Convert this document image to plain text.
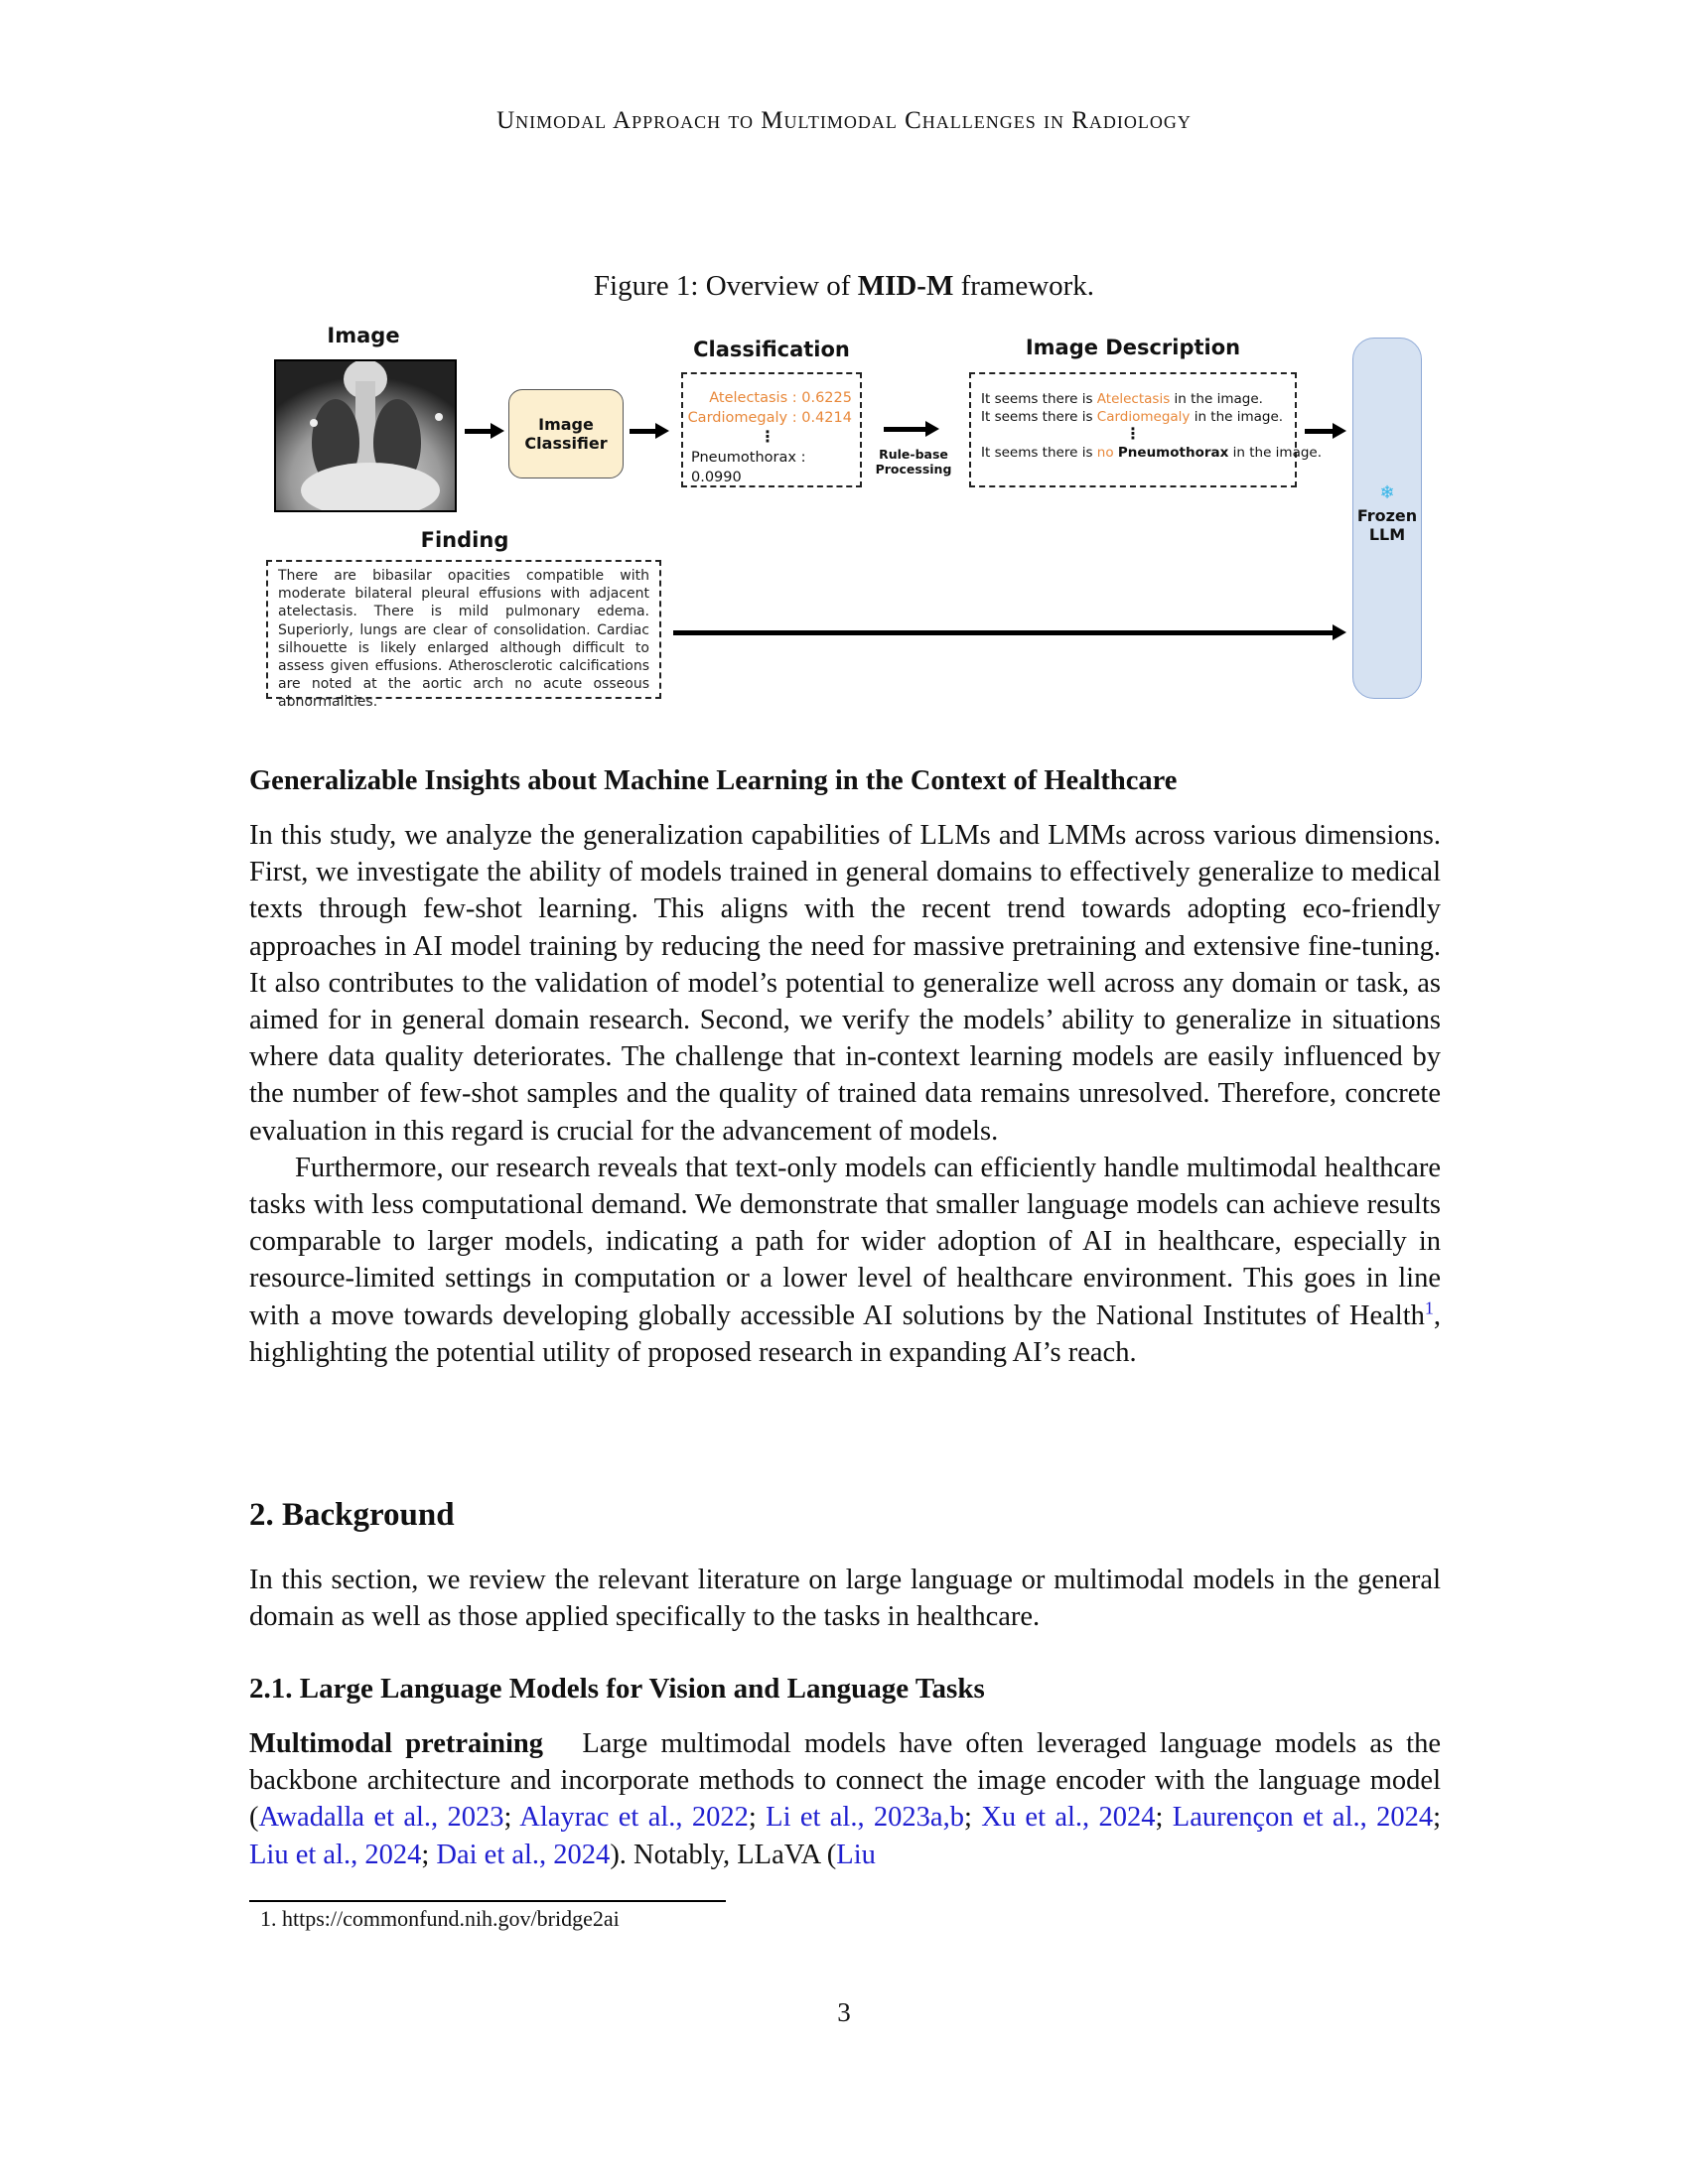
Unimodal Approach to Multimodal Challenges in Radiology
Figure 1: Overview of MID-M framework.
Image
Image
Classifier
Classification
Atelectasis : 0.6225
Cardiomegaly : 0.4214
⋮
Pneumothorax : 0.0990
Rule-base
Processing
Image Description
It seems there is Atelectasis in the image.
It seems there is Cardiomegaly in the image.
⋮
It seems there is no Pneumothorax in the image.
❄
Frozen
LLM
Finding
There are bibasilar opacities compatible with moderate bilateral pleural effusions with adjacent atelectasis. There is mild pulmonary edema. Superiorly, lungs are clear of consolidation. Cardiac silhouette is likely enlarged although difficult to assess given effusions. Atherosclerotic calcifications are noted at the aortic arch no acute osseous abnormalities.
Generalizable Insights about Machine Learning in the Context of Healthcare

In this study, we analyze the generalization capabilities of LLMs and LMMs across various dimensions. First, we investigate the ability of models trained in general domains to effectively generalize to medical texts through few-shot learning. This aligns with the recent trend towards adopting eco-friendly approaches in AI model training by reducing the need for massive pretraining and extensive fine-tuning. It also contributes to the validation of model’s potential to generalize well across any domain or task, as aimed for in general domain research. Second, we verify the models’ ability to generalize in situations where data quality deteriorates. The challenge that in-context learning models are easily influenced by the number of few-shot samples and the quality of trained data remains unresolved. Therefore, concrete evaluation in this regard is crucial for the advancement of models.

Furthermore, our research reveals that text-only models can efficiently handle multimodal healthcare tasks with less computational demand. We demonstrate that smaller language models can achieve results comparable to larger models, indicating a path for wider adoption of AI in healthcare, especially in resource-limited settings in computation or a lower level of healthcare environment. This goes in line with a move towards developing globally accessible AI solutions by the National Institutes of Health$^1$, highlighting the potential utility of proposed research in expanding AI’s reach.

2. Background
In this section, we review the relevant literature on large language or multimodal models in the general domain as well as those applied specifically to the tasks in healthcare.
2.1. Large Language Models for Vision and Language Tasks
Multimodal pretraining Large multimodal models have often leveraged language models as the backbone architecture and incorporate methods to connect the image encoder with the language model (Awadalla et al., 2023; Alayrac et al., 2022; Li et al., 2023a,b; Xu et al., 2024; Laurençon et al., 2024; Liu et al., 2024; Dai et al., 2024). Notably, LLaVA (Liu
1. https://commonfund.nih.gov/bridge2ai
3
